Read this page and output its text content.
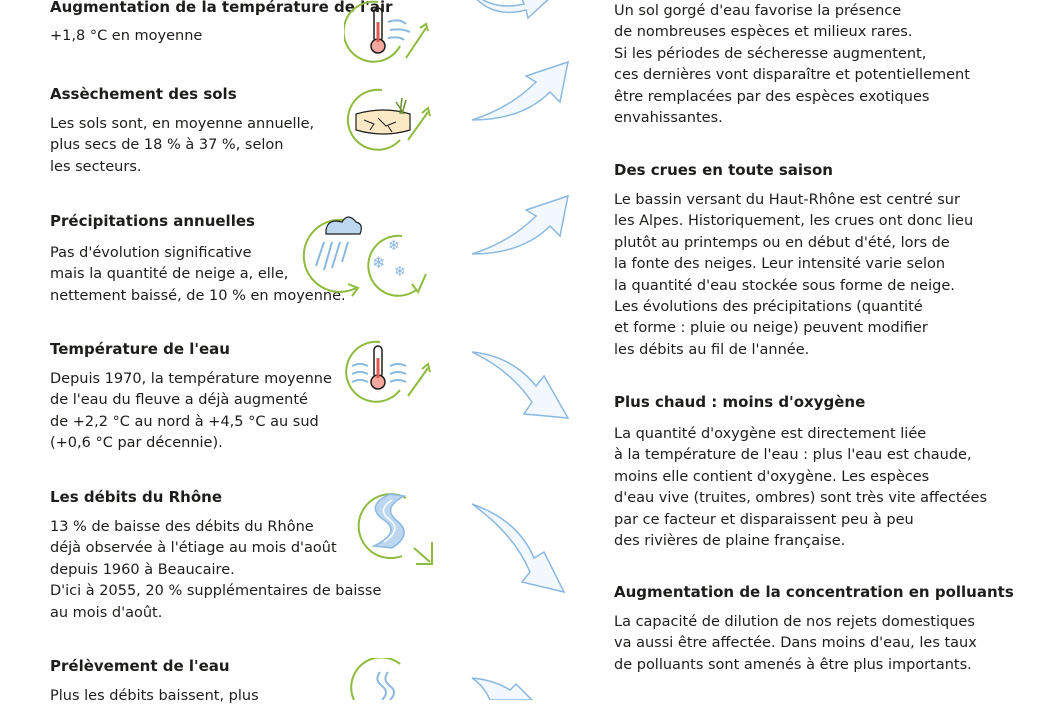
Augmentation de la température de l'air

+1,8 °C en moyenne

Assèchement des sols

Les sols sont, en moyenne annuelle,
plus secs de 18 % à 37 %, selon
les secteurs.

Précipitations annuelles

Pas d'évolution significative
mais la quantité de neige a, elle,
nettement baissé, de 10 % en moyenne.

Température de l'eau

Depuis 1970, la température moyenne
de l'eau du fleuve a déjà augmenté
de +2,2 °C au nord à +4,5 °C au sud
(+0,6 °C par décennie).

Les débits du Rhône

13 % de baisse des débits du Rhône
déjà observée à l'étiage au mois d'août
depuis 1960 à Beaucaire.
D'ici à 2055, 20 % supplémentaires de baisse
au mois d'août.

Prélèvement de l'eau

Plus les débits baissent, plus

Un sol gorgé d'eau favorise la présence
de nombreuses espèces et milieux rares.
Si les périodes de sécheresse augmentent,
ces dernières vont disparaître et potentiellement
être remplacées par des espèces exotiques
envahissantes.

Des crues en toute saison

Le bassin versant du Haut-Rhône est centré sur
les Alpes. Historiquement, les crues ont donc lieu
plutôt au printemps ou en début d'été, lors de
la fonte des neiges. Leur intensité varie selon
la quantité d'eau stockée sous forme de neige.
Les évolutions des précipitations (quantité
et forme : pluie ou neige) peuvent modifier
les débits au fil de l'année.

Plus chaud : moins d'oxygène

La quantité d'oxygène est directement liée
à la température de l'eau : plus l'eau est chaude,
moins elle contient d'oxygène. Les espèces
d'eau vive (truites, ombres) sont très vite affectées
par ce facteur et disparaissent peu à peu
des rivières de plaine française.

Augmentation de la concentration en polluants

La capacité de dilution de nos rejets domestiques
va aussi être affectée. Dans moins d'eau, les taux
de polluants sont amenés à être plus importants.

❄
❄
❄
